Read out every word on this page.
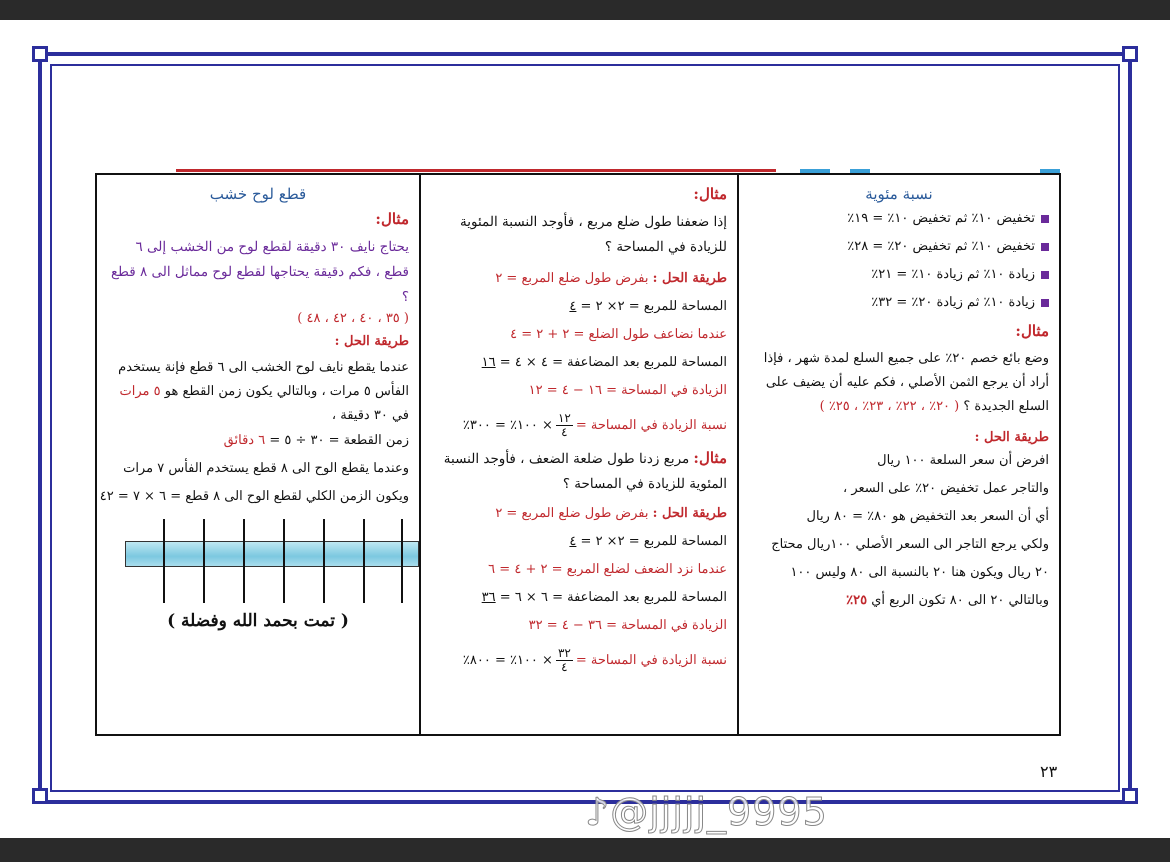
نسبة مئوية
تخفيض ١٠٪ ثم تخفيض ١٠٪ = ١٩٪
تخفيض ١٠٪ ثم تخفيض ٢٠٪ = ٢٨٪
زيادة ١٠٪ ثم زيادة ١٠٪ = ٢١٪
زيادة ١٠٪ ثم زيادة ٢٠٪ = ٣٢٪
مثال:
وضع بائع خصم ٢٠٪ على جميع السلع لمدة شهر ، فإذا أراد أن يرجع الثمن الأصلي ، فكم عليه أن يضيف على السلع الجديدة ؟ ( ٢٠٪ ، ٢٢٪ ، ٢٣٪ ، ٢٥٪ )
طريقة الحل :
افرض أن سعر السلعة ١٠٠ ريال
والتاجر عمل تخفيض ٢٠٪ على السعر ،
أي أن السعر بعد التخفيض هو ٨٠٪ = ٨٠ ريال
ولكي يرجع التاجر الى السعر الأصلي ١٠٠ريال محتاج
٢٠ ريال ويكون هنا ٢٠ بالنسبة الى ٨٠ وليس ١٠٠
وبالتالي ٢٠ الى ٨٠ تكون الربع أي ٢٥٪
مثال:
إذا ضعفنا طول ضلع مربع ، فأوجد النسبة المئوية للزيادة في المساحة ؟
طريقة الحل : بفرض طول ضلع المربع = ٢
المساحة للمربع = ٢× ٢ = ٤
عندما نضاعف طول الضلع = ٢ + ٢ = ٤
المساحة للمربع بعد المضاعفة = ٤ × ٤ = ١٦
الزيادة في المساحة = ١٦ − ٤ = ١٢
نسبة الزيادة في المساحة =
$\frac{١٢}{٤}$
× ١٠٠٪ = ٣٠٠٪
مثال: مربع زدنا طول ضلعة الضعف ، فأوجد النسبة المئوية للزيادة في المساحة ؟
طريقة الحل : بفرض طول ضلع المربع = ٢
المساحة للمربع = ٢× ٢ = ٤
عندما نزد الضعف لضلع المربع = ٢ + ٤ = ٦
المساحة للمربع بعد المضاعفة = ٦ × ٦ = ٣٦
الزيادة في المساحة = ٣٦ − ٤ = ٣٢
نسبة الزيادة في المساحة =
$\frac{٣٢}{٤}$
× ١٠٠٪ = ٨٠٠٪
قطع لوح خشب
مثال:
يحتاج نايف ٣٠ دقيقة لقطع لوح من الخشب إلى ٦ قطع ، فكم دقيقة يحتاجها لقطع لوح مماثل الى ٨ قطع ؟
( ٣٥ ، ٤٠ ، ٤٢ ، ٤٨ )
طريقة الحل :
عندما يقطع نايف لوح الخشب الى ٦ قطع فإنة يستخدم الفأس ٥ مرات ، وبالتالي يكون زمن القطع هو ٥ مرات في ٣٠ دقيقة ،
زمن القطعة = ٣٠ ÷ ٥ = ٦ دقائق
وعندما يقطع الوح الى ٨ قطع يستخدم الفأس ٧ مرات
ويكون الزمن الكلي لقطع الوح الى ٨ قطع = ٦ × ٧ = ٤٢
( تمت بحمد الله وفضلة )
٢٣
♪@jjjjj_9995
